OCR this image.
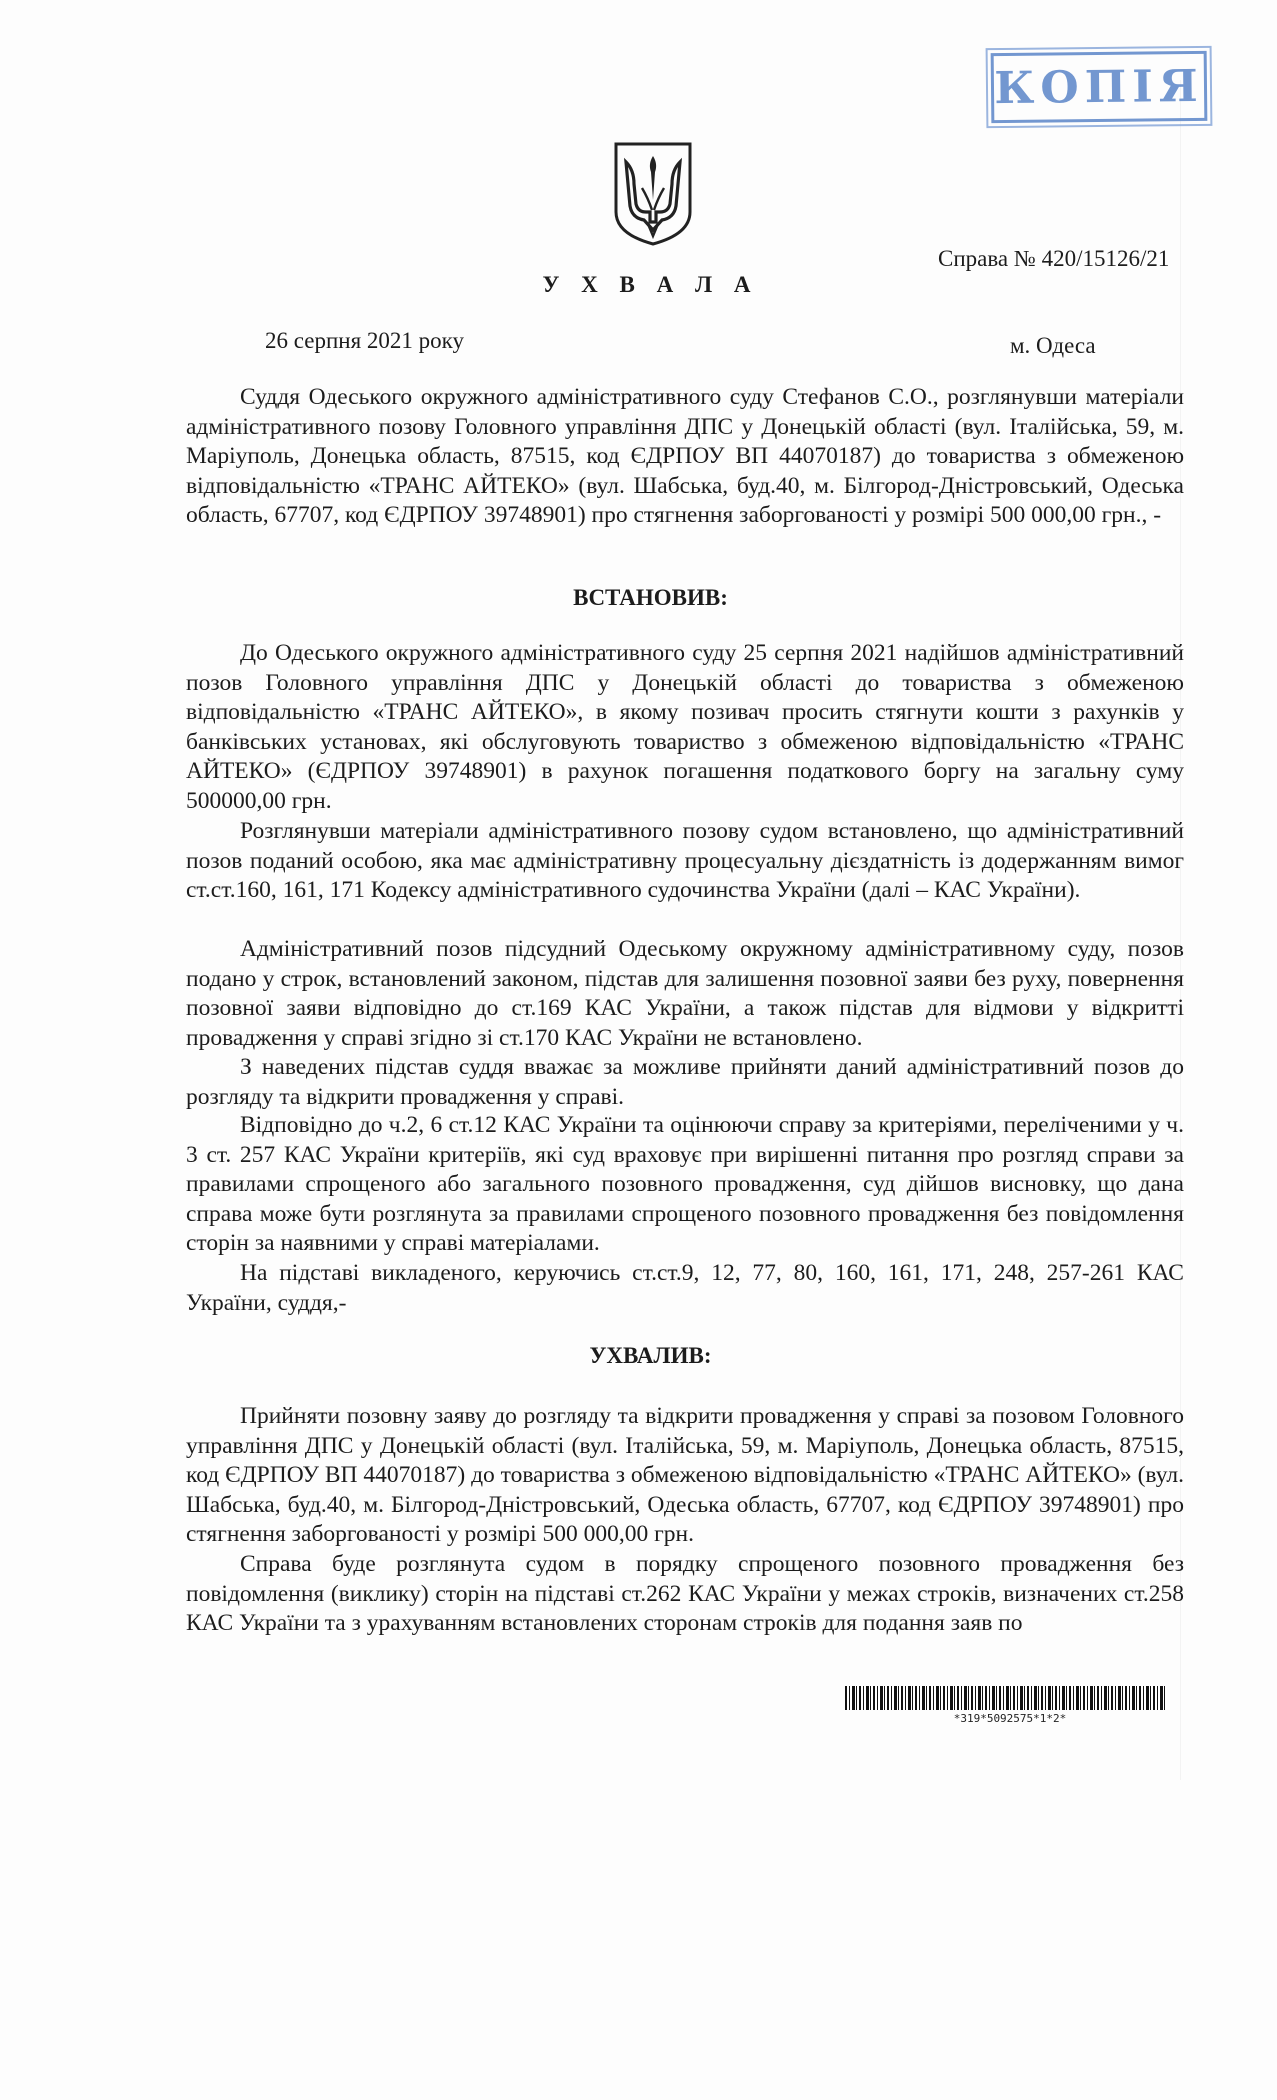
КОПІЯ
Справа № 420/15126/21
У Х В А Л А
26 серпня 2021 року	м. Одеса

Суддя Одеського окружного адміністративного суду Стефанов С.О., розглянувши матеріали адміністративного позову Головного управління ДПС у Донецькій області (вул. Італійська, 59, м. Маріуполь, Донецька область, 87515, код ЄДРПОУ ВП 44070187) до товариства з обмеженою відповідальністю «ТРАНС АЙТЕКО» (вул. Шабська, буд.40, м. Білгород-Дністровський, Одеська область, 67707, код ЄДРПОУ 39748901) про стягнення заборгованості у розмірі 500 000,00 грн., -

ВСТАНОВИВ:

До Одеського окружного адміністративного суду 25 серпня 2021 надійшов адміністративний позов Головного управління ДПС у Донецькій області до товариства з обмеженою відповідальністю «ТРАНС АЙТЕКО», в якому позивач просить стягнути кошти з рахунків у банківських установах, які обслуговують товариство з обмеженою відповідальністю «ТРАНС АЙТЕКО» (ЄДРПОУ 39748901) в рахунок погашення податкового боргу на загальну суму 500000,00 грн.

Розглянувши матеріали адміністративного позову судом встановлено, що адміністративний позов поданий особою, яка має адміністративну процесуальну дієздатність із додержанням вимог ст.ст.160, 161, 171 Кодексу адміністративного судочинства України (далі – КАС України).

Адміністративний позов підсудний Одеському окружному адміністративному суду, позов подано у строк, встановлений законом, підстав для залишення позовної заяви без руху, повернення позовної заяви відповідно до ст.169 КАС України, а також підстав для відмови у відкритті провадження у справі згідно зі ст.170 КАС України не встановлено.

З наведених підстав суддя вважає за можливе прийняти даний адміністративний позов до розгляду та відкрити провадження у справі.

Відповідно до ч.2, 6 ст.12 КАС України та оцінюючи справу за критеріями, переліченими у ч. 3 ст. 257 КАС України критеріїв, які суд враховує при вирішенні питання про розгляд справи за правилами спрощеного або загального позовного провадження, суд дійшов висновку, що дана справа може бути розглянута за правилами спрощеного позовного провадження без повідомлення сторін за наявними у справі матеріалами.

На підставі викладеного, керуючись ст.ст.9, 12, 77, 80, 160, 161, 171, 248, 257-261 КАС України, суддя,-

УХВАЛИВ:

Прийняти позовну заяву до розгляду та відкрити провадження у справі за позовом Головного управління ДПС у Донецькій області (вул. Італійська, 59, м. Маріуполь, Донецька область, 87515, код ЄДРПОУ ВП 44070187) до товариства з обмеженою відповідальністю «ТРАНС АЙТЕКО» (вул. Шабська, буд.40, м. Білгород-Дністровський, Одеська область, 67707, код ЄДРПОУ 39748901) про стягнення заборгованості у розмірі 500 000,00 грн.

Справа буде розглянута судом в порядку спрощеного позовного провадження без повідомлення (виклику) сторін на підставі ст.262 КАС України у межах строків, визначених ст.258 КАС України та з урахуванням встановлених сторонам строків для подання заяв по

*319*5092575*1*2*
